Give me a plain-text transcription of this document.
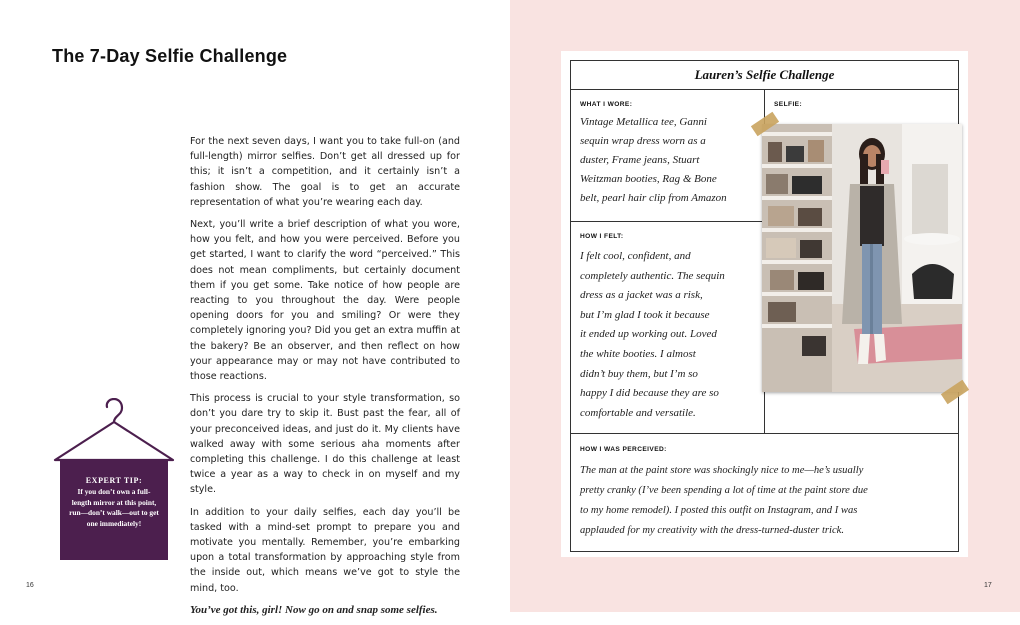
The 7-Day Selfie Challenge

For the next seven days, I want you to take full-on (and full-length) mirror selfies. Don’t get all dressed up for this; it isn’t a competition, and it certainly isn’t a fashion show. The goal is to get an accurate representation of what you’re wearing each day.

Next, you’ll write a brief description of what you wore, how you felt, and how you were perceived. Before you get started, I want to clarify the word “perceived.” This does not mean compliments, but certainly document them if you get some. Take notice of how people are reacting to you throughout the day. Were people opening doors for you and smiling? Or were they completely ignoring you? Did you get an extra muffin at the bakery? Be an observer, and then reflect on how your appearance may or may not have contributed to those reactions.

This process is crucial to your style transformation, so don’t you dare try to skip it. Bust past the fear, all of your preconceived ideas, and just do it. My clients have walked away with some serious aha moments after completing this challenge. I do this challenge at least twice a year as a way to check in on myself and my style.

In addition to your daily selfies, each day you’ll be tasked with a mind-set prompt to prepare you and motivate you mentally. Remember, you’re embarking upon a total transformation by approaching style from the inside out, which means we’ve got to style the mind, too.

You’ve got this, girl! Now go on and snap some selfies.

EXPERT TIP:
If you don’t own a full-length mirror at this point, run—don’t walk—out to get one immediately!
16	17
Lauren’s Selfie Challenge
WHAT I WORE:	SELFIE:
HOW I FELT:
HOW I WAS PERCEIVED:
Vintage Metallica tee, Ganni
sequin wrap dress worn as a
duster, Frame jeans, Stuart
Weitzman booties, Rag & Bone
belt, pearl hair clip from Amazon
I felt cool, confident, and
completely authentic. The sequin
dress as a jacket was a risk,
but I’m glad I took it because
it ended up working out. Loved
the white booties. I almost
didn’t buy them, but I’m so
happy I did because they are so
comfortable and versatile.
The man at the paint store was shockingly nice to me—he’s usually
pretty cranky (I’ve been spending a lot of time at the paint store due
to my home remodel). I posted this outfit on Instagram, and I was
applauded for my creativity with the dress-turned-duster trick.
